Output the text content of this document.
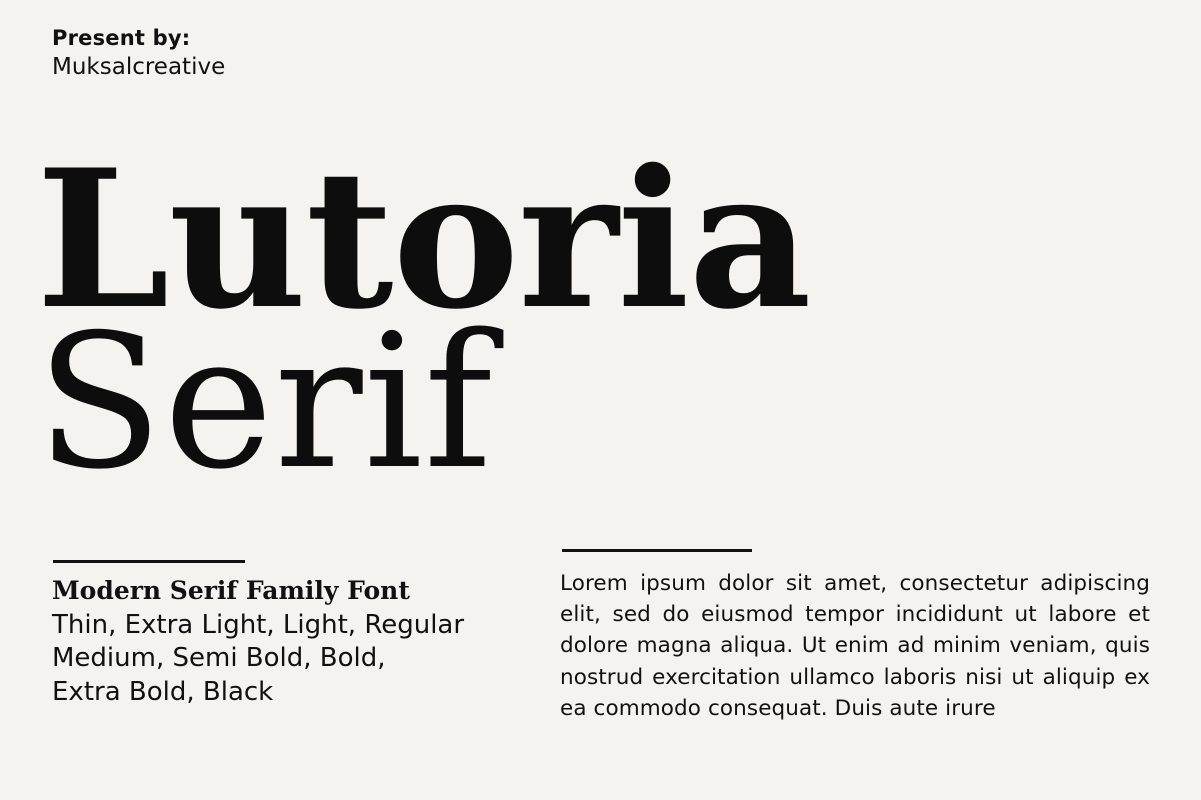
Present by:
Muksalcreative
Lutoria
Serif
Modern Serif Family Font
Thin, Extra Light, Light, Regular
Medium, Semi Bold, Bold,
Extra Bold, Black

Lorem ipsum dolor sit amet, consectetur adipiscing elit, sed do eiusmod tempor incididunt ut labore et dolore magna aliqua. Ut enim ad minim veniam, quis nostrud exercitation ullamco laboris nisi ut aliquip ex ea commodo consequat. Duis aute irure
